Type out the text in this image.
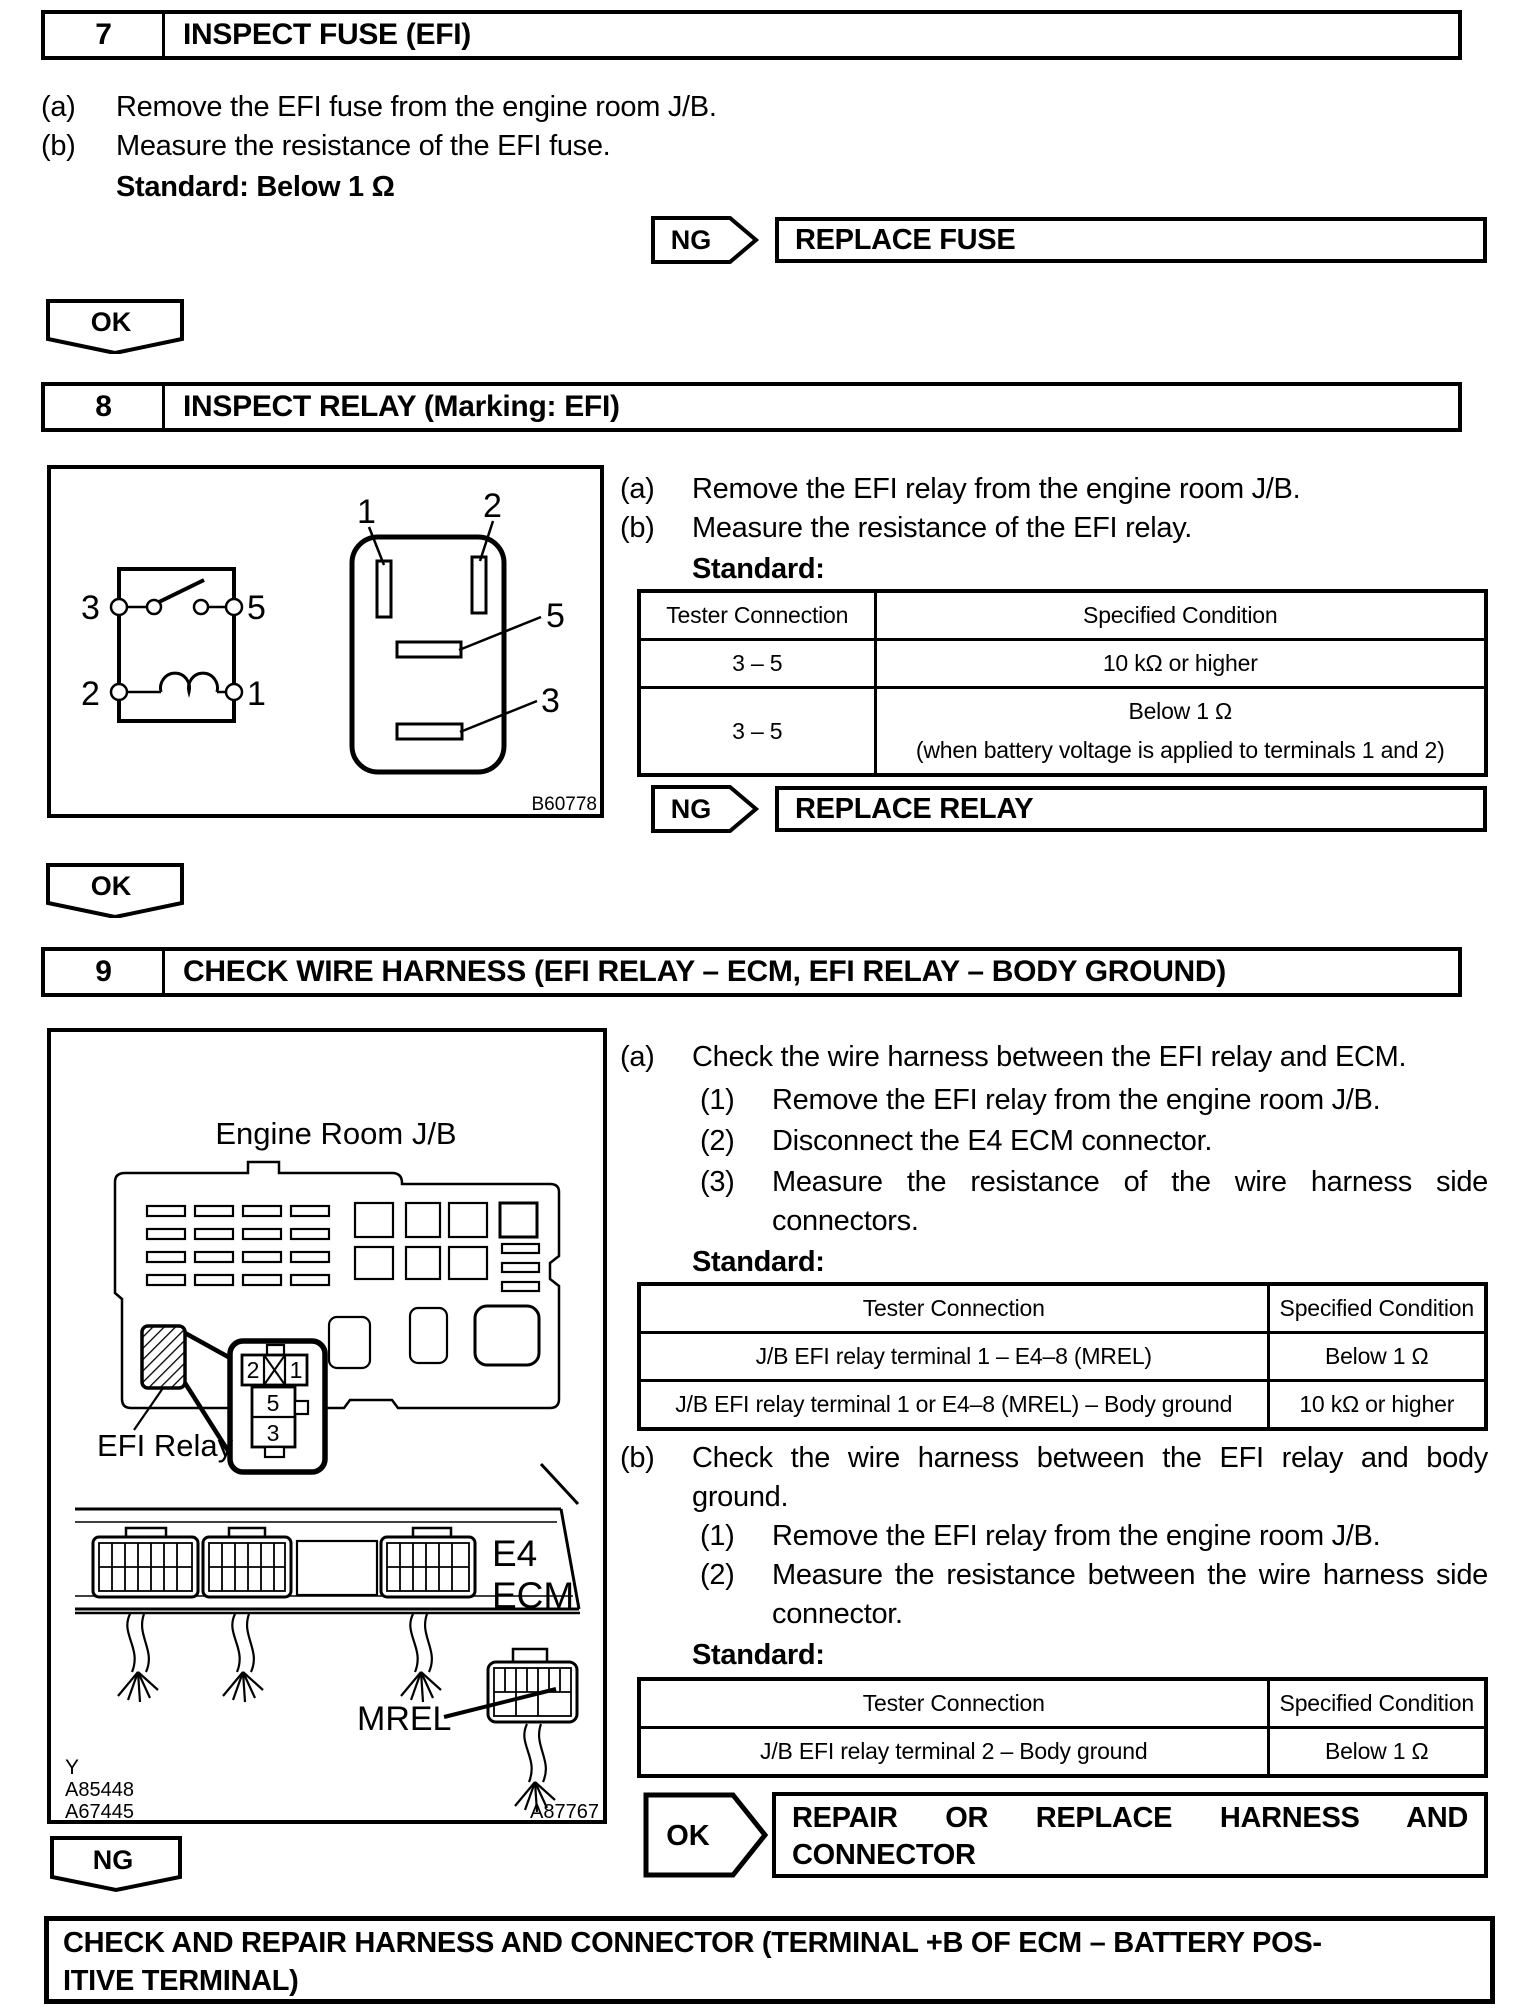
7	INSPECT FUSE (EFI)
(a)	Remove the EFI fuse from the engine room J/B.
(b)	Measure the resistance of the EFI fuse.
Standard: Below 1 Ω
NG	REPLACE FUSE
OK
8	INSPECT RELAY (Marking: EFI)
3	5
2	1
1	2
5
3
B60778
(a)	Remove the EFI relay from the engine room J/B.
(b)	Measure the resistance of the EFI relay.
Standard:
Tester Connection	Specified Condition
3 – 5	10 kΩ or higher
3 – 5	Below 1 Ω
(when battery voltage is applied to terminals 1 and 2)
NG	REPLACE RELAY
OK
9	CHECK WIRE HARNESS (EFI RELAY – ECM, EFI RELAY – BODY GROUND)
Engine Room J/B
2 1
5
3
EFI Relay
E4
ECM
MREL
Y
A85448
A67445	A87767
(a)	Check the wire harness between the EFI relay and ECM.
(1)	Remove the EFI relay from the engine room J/B.
(2)	Disconnect the E4 ECM connector.
(3)	Measure the resistance of the wire harness side connectors.
Standard:
Tester Connection	Specified Condition
J/B EFI relay terminal 1 – E4–8 (MREL)	Below 1 Ω
J/B EFI relay terminal 1 or E4–8 (MREL) – Body ground	10 kΩ or higher
(b)	Check the wire harness between the EFI relay and body ground.
(1)	Remove the EFI relay from the engine room J/B.
(2)	Measure the resistance between the wire harness side connector.
Standard:
Tester Connection	Specified Condition
J/B EFI relay terminal 2 – Body ground	Below 1 Ω
OK
REPAIR OR REPLACE HARNESS AND
CONNECTOR
NG
CHECK AND REPAIR HARNESS AND CONNECTOR (TERMINAL +B OF ECM – BATTERY POS-
ITIVE TERMINAL)
